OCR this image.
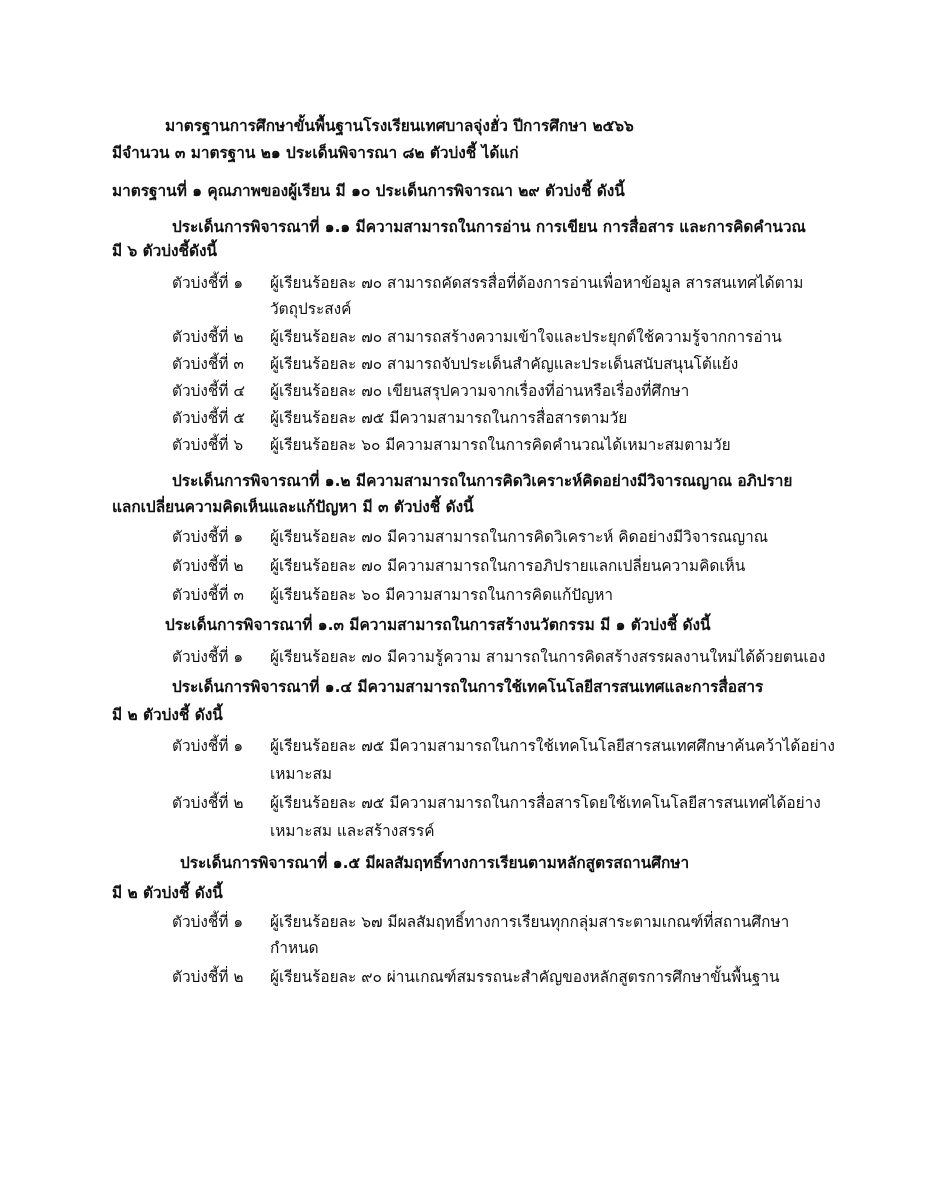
มาตรฐานการศึกษาขั้นพื้นฐานโรงเรียนเทศบาลจุ่งฮั่ว ปีการศึกษา ๒๕๖๖
มีจำนวน ๓ มาตรฐาน ๒๑ ประเด็นพิจารณา ๘๒ ตัวบ่งชี้ ได้แก่
มาตรฐานที่ ๑ คุณภาพของผู้เรียน มี ๑๐ ประเด็นการพิจารณา ๒๙ ตัวบ่งชี้ ดังนี้
ประเด็นการพิจารณาที่ ๑.๑ มีความสามารถในการอ่าน การเขียน การสื่อสาร และการคิดคำนวณ
มี ๖ ตัวบ่งชี้ดังนี้
ตัวบ่งชี้ที่ ๑ ผู้เรียนร้อยละ ๗๐ สามารถคัดสรรสื่อที่ต้องการอ่านเพื่อหาข้อมูล สารสนเทศได้ตาม
วัตถุประสงค์
ตัวบ่งชี้ที่ ๒ ผู้เรียนร้อยละ ๗๐ สามารถสร้างความเข้าใจและประยุกต์ใช้ความรู้จากการอ่าน
ตัวบ่งชี้ที่ ๓ ผู้เรียนร้อยละ ๗๐ สามารถจับประเด็นสำคัญและประเด็นสนับสนุนโต้แย้ง
ตัวบ่งชี้ที่ ๔ ผู้เรียนร้อยละ ๗๐ เขียนสรุปความจากเรื่องที่อ่านหรือเรื่องที่ศึกษา
ตัวบ่งชี้ที่ ๕ ผู้เรียนร้อยละ ๗๕ มีความสามารถในการสื่อสารตามวัย
ตัวบ่งชี้ที่ ๖ ผู้เรียนร้อยละ ๖๐ มีความสามารถในการคิดคำนวณได้เหมาะสมตามวัย
ประเด็นการพิจารณาที่ ๑.๒ มีความสามารถในการคิดวิเคราะห์คิดอย่างมีวิจารณญาณ อภิปราย
แลกเปลี่ยนความคิดเห็นและแก้ปัญหา มี ๓ ตัวบ่งชี้ ดังนี้
ตัวบ่งชี้ที่ ๑ ผู้เรียนร้อยละ ๗๐ มีความสามารถในการคิดวิเคราะห์ คิดอย่างมีวิจารณญาณ
ตัวบ่งชี้ที่ ๒ ผู้เรียนร้อยละ ๗๐ มีความสามารถในการอภิปรายแลกเปลี่ยนความคิดเห็น
ตัวบ่งชี้ที่ ๓ ผู้เรียนร้อยละ ๖๐ มีความสามารถในการคิดแก้ปัญหา
ประเด็นการพิจารณาที่ ๑.๓ มีความสามารถในการสร้างนวัตกรรม มี ๑ ตัวบ่งชี้ ดังนี้
ตัวบ่งชี้ที่ ๑ ผู้เรียนร้อยละ ๗๐ มีความรู้ความ สามารถในการคิดสร้างสรรผลงานใหม่ได้ด้วยตนเอง
ประเด็นการพิจารณาที่ ๑.๔ มีความสามารถในการใช้เทคโนโลยีสารสนเทศและการสื่อสาร
มี ๒ ตัวบ่งชี้ ดังนี้
ตัวบ่งชี้ที่ ๑ ผู้เรียนร้อยละ ๗๕ มีความสามารถในการใช้เทคโนโลยีสารสนเทศศึกษาค้นคว้าได้อย่าง
เหมาะสม
ตัวบ่งชี้ที่ ๒ ผู้เรียนร้อยละ ๗๕ มีความสามารถในการสื่อสารโดยใช้เทคโนโลยีสารสนเทศได้อย่าง
เหมาะสม และสร้างสรรค์
ประเด็นการพิจารณาที่ ๑.๕ มีผลสัมฤทธิ์ทางการเรียนตามหลักสูตรสถานศึกษา
มี ๒ ตัวบ่งชี้ ดังนี้
ตัวบ่งชี้ที่ ๑ ผู้เรียนร้อยละ ๖๗ มีผลสัมฤทธิ์ทางการเรียนทุกกลุ่มสาระตามเกณฑ์ที่สถานศึกษา
กำหนด
ตัวบ่งชี้ที่ ๒ ผู้เรียนร้อยละ ๙๐ ผ่านเกณฑ์สมรรถนะสำคัญของหลักสูตรการศึกษาขั้นพื้นฐาน
